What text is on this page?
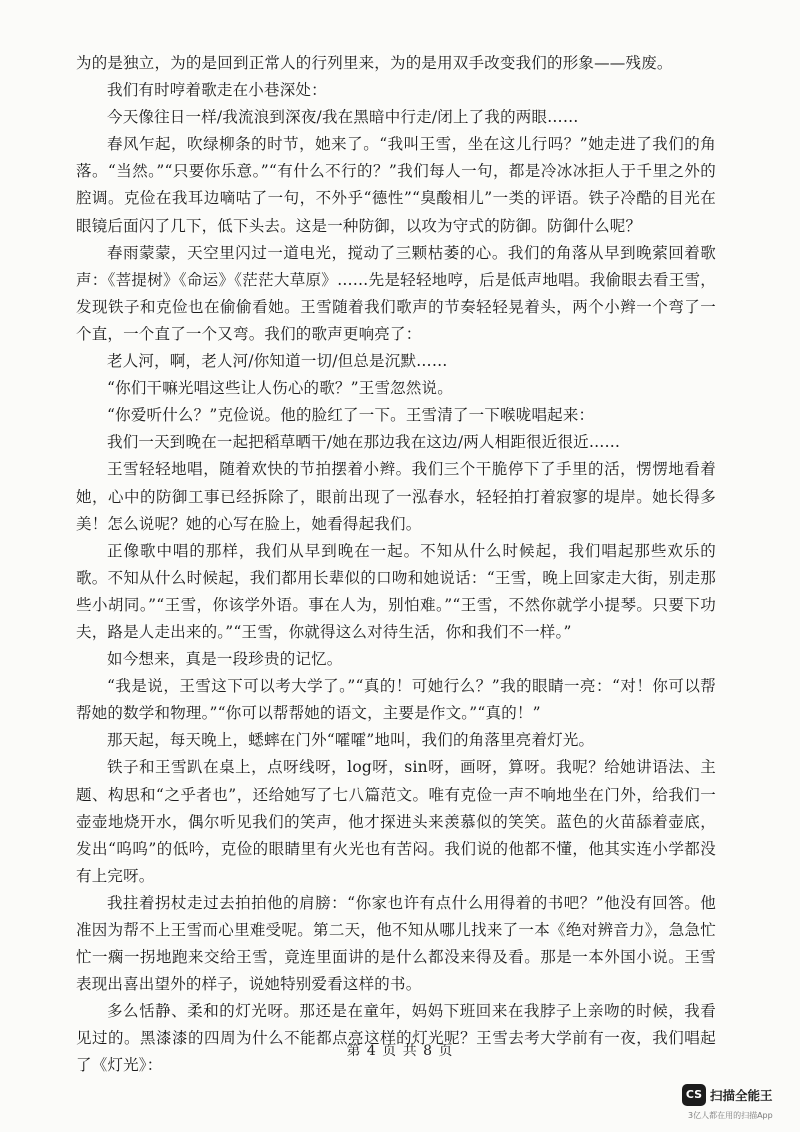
为的是独立，为的是回到正常人的行列里来，为的是用双手改变我们的形象——残废。

我们有时哼着歌走在小巷深处：

今天像往日一样/我流浪到深夜/我在黑暗中行走/闭上了我的两眼……

春风乍起，吹绿柳条的时节，她来了。“我叫王雪，坐在这儿行吗？”她走进了我们的角落。“当然。”“只要你乐意。”“有什么不行的？”我们每人一句，都是冷冰冰拒人于千里之外的腔调。克俭在我耳边嘀咕了一句，不外乎“德性”“臭酸相儿”一类的评语。铁子冷酷的目光在眼镜后面闪了几下，低下头去。这是一种防御，以攻为守式的防御。防御什么呢？

春雨蒙蒙，天空里闪过一道电光，搅动了三颗枯萎的心。我们的角落从早到晚萦回着歌声：《菩提树》《命运》《茫茫大草原》……先是轻轻地哼，后是低声地唱。我偷眼去看王雪，发现铁子和克俭也在偷偷看她。王雪随着我们歌声的节奏轻轻晃着头，两个小辫一个弯了一个直，一个直了一个又弯。我们的歌声更响亮了：

老人河，啊，老人河/你知道一切/但总是沉默……

“你们干嘛光唱这些让人伤心的歌？”王雪忽然说。

“你爱听什么？”克俭说。他的脸红了一下。王雪清了一下喉咙唱起来：

我们一天到晚在一起把稻草晒干/她在那边我在这边/两人相距很近很近……

王雪轻轻地唱，随着欢快的节拍摆着小辫。我们三个干脆停下了手里的活，愣愣地看着她，心中的防御工事已经拆除了，眼前出现了一泓春水，轻轻拍打着寂寥的堤岸。她长得多美！怎么说呢？她的心写在脸上，她看得起我们。

正像歌中唱的那样，我们从早到晚在一起。不知从什么时候起，我们唱起那些欢乐的歌。不知从什么时候起，我们都用长辈似的口吻和她说话：“王雪，晚上回家走大街，别走那些小胡同。”“王雪，你该学外语。事在人为，别怕难。”“王雪，不然你就学小提琴。只要下功夫，路是人走出来的。”“王雪，你就得这么对待生活，你和我们不一样。”

如今想来，真是一段珍贵的记忆。

“我是说，王雪这下可以考大学了。”“真的！可她行么？”我的眼睛一亮：“对！你可以帮帮她的数学和物理。”“你可以帮帮她的语文，主要是作文。”“真的！”

那天起，每天晚上，蟋蟀在门外“嚯嚯”地叫，我们的角落里亮着灯光。

铁子和王雪趴在桌上，点呀线呀，log呀，sin呀，画呀，算呀。我呢？给她讲语法、主题、构思和“之乎者也”，还给她写了七八篇范文。唯有克俭一声不响地坐在门外，给我们一壶壶地烧开水，偶尔听见我们的笑声，他才探进头来羡慕似的笑笑。蓝色的火苗舔着壶底，发出“呜呜”的低吟，克俭的眼睛里有火光也有苦闷。我们说的他都不懂，他其实连小学都没有上完呀。

我拄着拐杖走过去拍拍他的肩膀：“你家也许有点什么用得着的书吧？”他没有回答。他准因为帮不上王雪而心里难受呢。第二天，他不知从哪儿找来了一本《绝对辨音力》，急急忙忙一瘸一拐地跑来交给王雪，竟连里面讲的是什么都没来得及看。那是一本外国小说。王雪表现出喜出望外的样子，说她特别爱看这样的书。

多么恬静、柔和的灯光呀。那还是在童年，妈妈下班回来在我脖子上亲吻的时候，我看见过的。黑漆漆的四周为什么不能都点亮这样的灯光呢？王雪去考大学前有一夜，我们唱起了《灯光》：

第 4 页 共 8 页
CS 扫描全能王
3亿人都在用的扫描App
